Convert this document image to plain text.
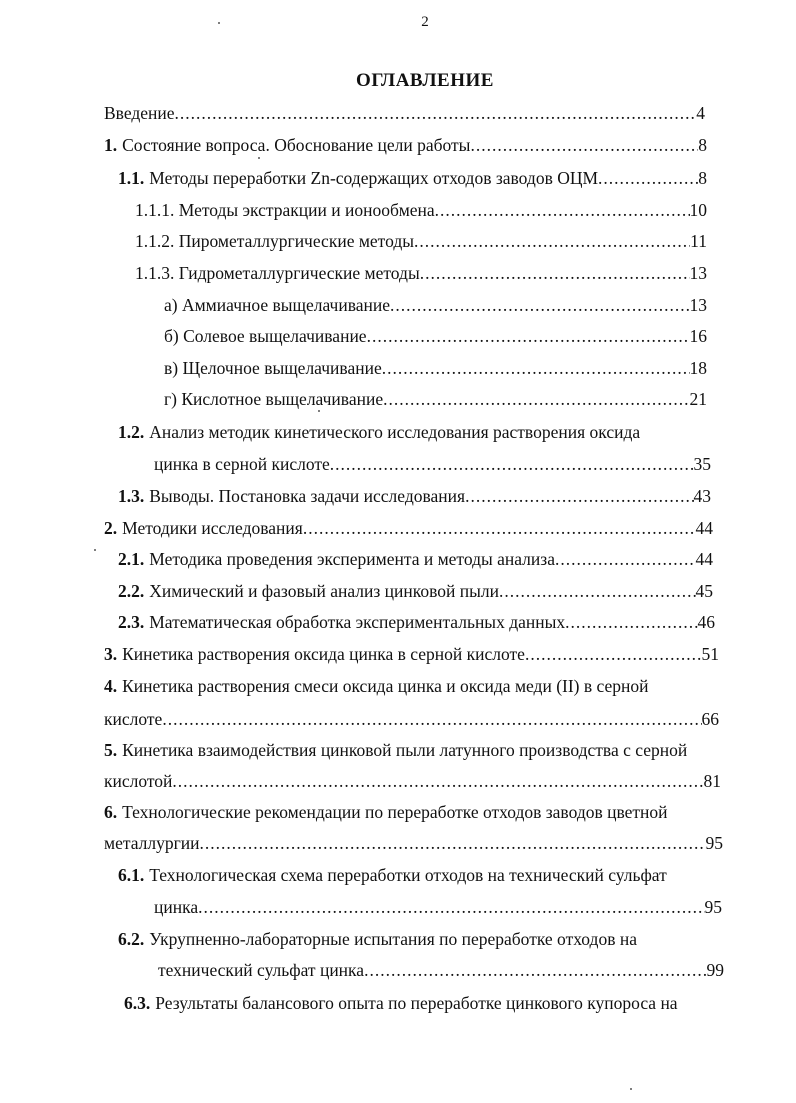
2
ОГЛАВЛЕНИЕ
Введение .....	4
1. Состояние вопроса. Обоснование цели работы .....	8
1.1. Методы переработки Zn-содержащих отходов заводов ОЦМ .....	8
1.1.1. Методы экстракции и ионообмена .....	10
1.1.2. Пирометаллургические методы .....	11
1.1.3. Гидрометаллургические методы .....	13
а) Аммиачное выщелачивание .....	13
б) Солевое выщелачивание .....	16
в) Щелочное выщелачивание .....	18
г) Кислотное выщелачивание .....	21
1.2. Анализ методик кинетического исследования растворения оксида
цинка в серной кислоте .....	35
1.3. Выводы. Постановка задачи исследования .....	43
2. Методики исследования .....	44
2.1. Методика проведения эксперимента и методы анализа .....	44
2.2. Химический и фазовый анализ цинковой пыли .....	45
2.3. Математическая обработка экспериментальных данных .....	46
3. Кинетика растворения оксида цинка в серной кислоте .....	51
4. Кинетика растворения смеси оксида цинка и оксида меди (II) в серной
кислоте .....	66
5. Кинетика взаимодействия цинковой пыли латунного производства с серной
кислотой .....	81
6. Технологические рекомендации по переработке отходов заводов цветной
металлургии .....	95
6.1. Технологическая схема переработки отходов на технический сульфат
цинка .....	95
6.2. Укрупненно-лабораторные испытания по переработке отходов на
технический сульфат цинка .....	99
6.3. Результаты балансового опыта по переработке цинкового купороса на
